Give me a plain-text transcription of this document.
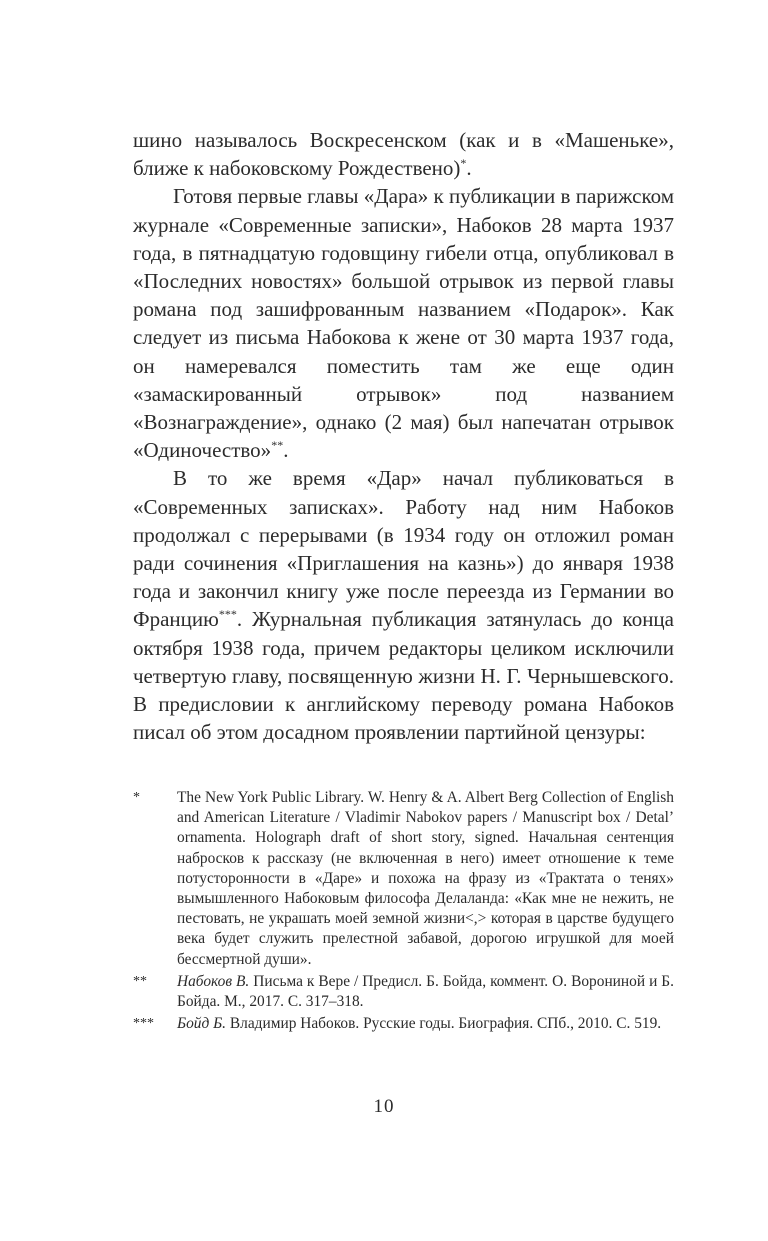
шино называлось Воскресенском (как и в «Машеньке», ближе к набоковскому Рождествено)*.

Готовя первые главы «Дара» к публикации в парижском журнале «Современные записки», Набоков 28 марта 1937 года, в пятнадцатую годовщину гибели отца, опубликовал в «Последних новостях» большой отрывок из первой главы романа под зашифрованным названием «Подарок». Как следует из письма Набокова к жене от 30 марта 1937 года, он намеревался поместить там же еще один «замаскированный отрывок» под названием «Вознаграждение», однако (2 мая) был напечатан отрывок «Одиночество»**.

В то же время «Дар» начал публиковаться в «Современных записках». Работу над ним Набоков продолжал с перерывами (в 1934 году он отложил роман ради сочинения «Приглашения на казнь») до января 1938 года и закончил книгу уже после переезда из Германии во Францию***. Журнальная публикация затянулась до конца октября 1938 года, причем редакторы целиком исключили четвертую главу, посвященную жизни Н. Г. Чернышевского. В предисловии к английскому переводу романа Набоков писал об этом досадном проявлении партийной цензуры:

*	The New York Public Library. W. Henry & A. Albert Berg Collection of English and American Literature / Vladimir Nabokov papers / Manuscript box / Detal’ ornamenta. Holograph draft of short story, signed. Начальная сентенция набросков к рассказу (не включенная в него) имеет отношение к теме потусторонности в «Даре» и похожа на фразу из «Трактата о тенях» вымышленного Набоковым философа Делаланда: «Как мне не нежить, не пестовать, не украшать моей земной жизни<,> которая в царстве будущего века будет служить прелестной забавой, дорогою игрушкой для моей бессмертной души».
**	Набоков В. Письма к Вере / Предисл. Б. Бойда, коммент. О. Ворониной и Б. Бойда. М., 2017. С. 317–318.
***	Бойд Б. Владимир Набоков. Русские годы. Биография. СПб., 2010. С. 519.
10
